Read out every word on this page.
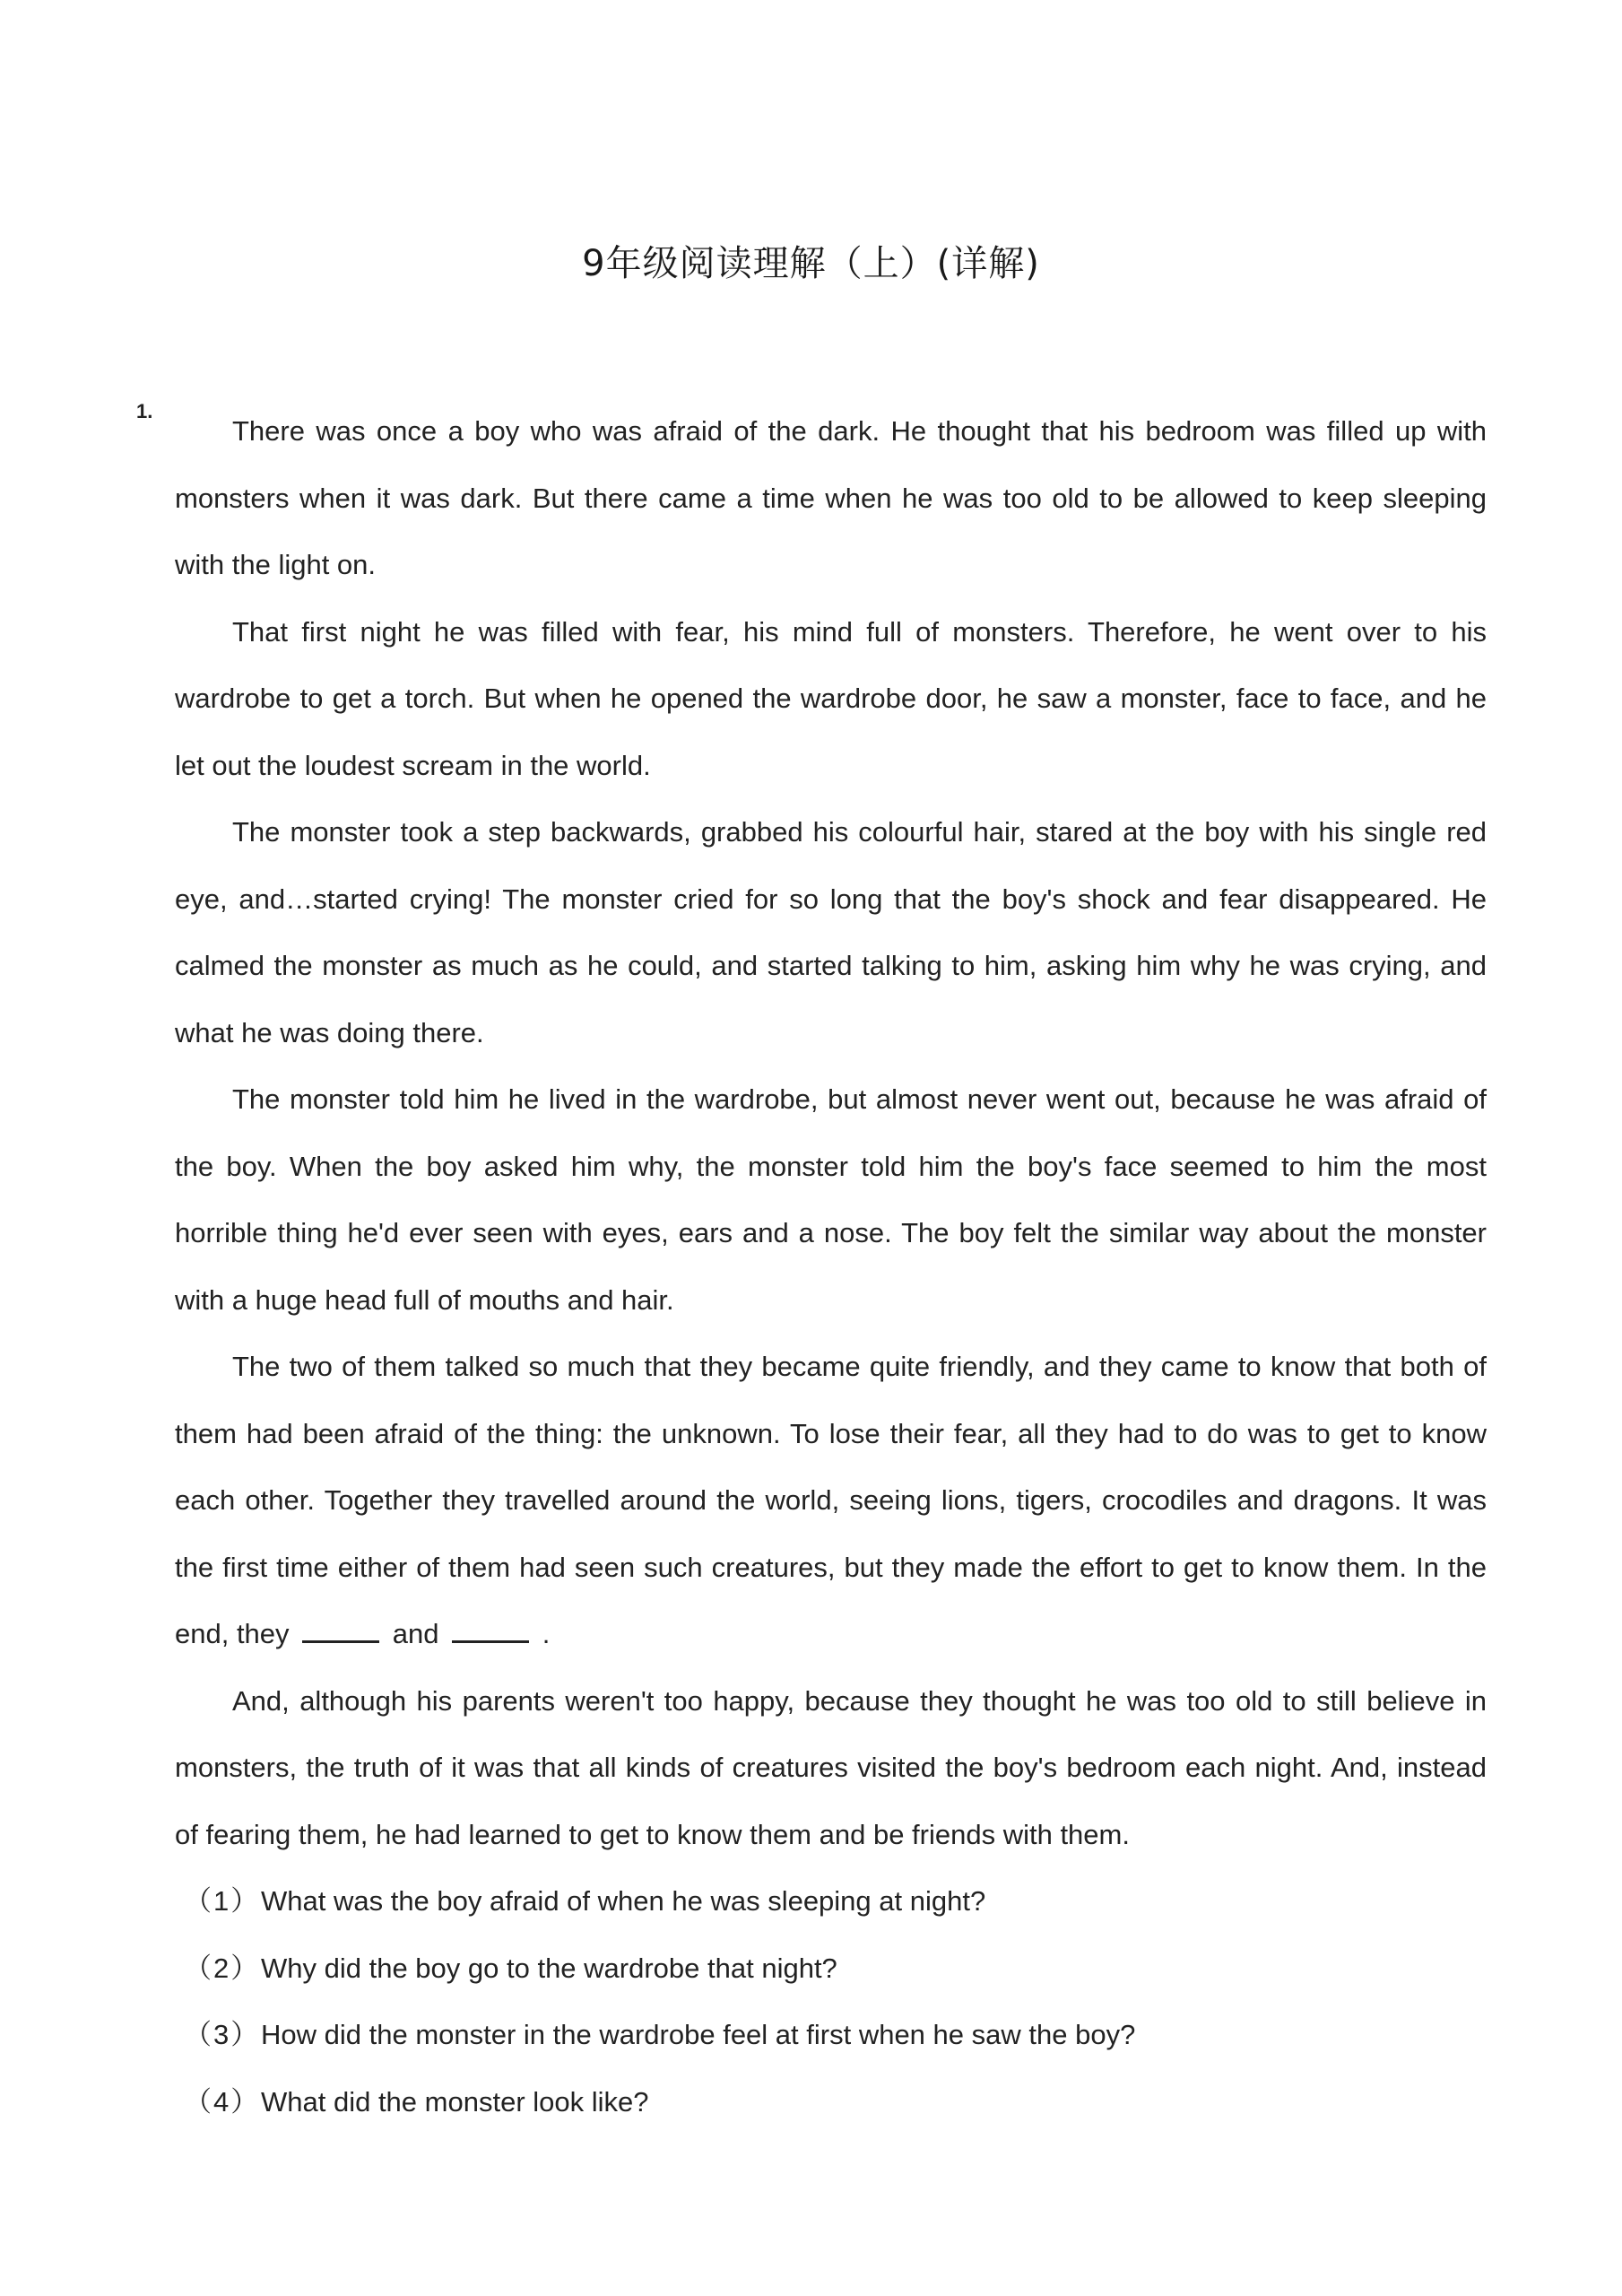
9年级阅读理解（上）(详解)
1.

There was once a boy who was afraid of the dark. He thought that his bedroom was filled up with monsters when it was dark. But there came a time when he was too old to be allowed to keep sleeping with the light on.

That first night he was filled with fear, his mind full of monsters. Therefore, he went over to his wardrobe to get a torch. But when he opened the wardrobe door, he saw a monster, face to face, and he let out the loudest scream in the world.

The monster took a step backwards, grabbed his colourful hair, stared at the boy with his single red eye, and…started crying! The monster cried for so long that the boy's shock and fear disappeared. He calmed the monster as much as he could, and started talking to him, asking him why he was crying, and what he was doing there.

The monster told him he lived in the wardrobe, but almost never went out, because he was afraid of the boy. When the boy asked him why, the monster told him the boy's face seemed to him the most horrible thing he'd ever seen with eyes, ears and a nose. The boy felt the similar way about the monster with a huge head full of mouths and hair.

The two of them talked so much that they became quite friendly, and they came to know that both of them had been afraid of the thing: the unknown. To lose their fear, all they had to do was to get to know each other. Together they travelled around the world, seeing lions, tigers, crocodiles and dragons. It was the first time either of them had seen such creatures, but they made the effort to get to know them. In the end, they	and	.

And, although his parents weren't too happy, because they thought he was too old to still believe in monsters, the truth of it was that all kinds of creatures visited the boy's bedroom each night. And, instead of fearing them, he had learned to get to know them and be friends with them.

（1）What was the boy afraid of when he was sleeping at night?
（2）Why did the boy go to the wardrobe that night?
（3）How did the monster in the wardrobe feel at first when he saw the boy?
（4）What did the monster look like?
